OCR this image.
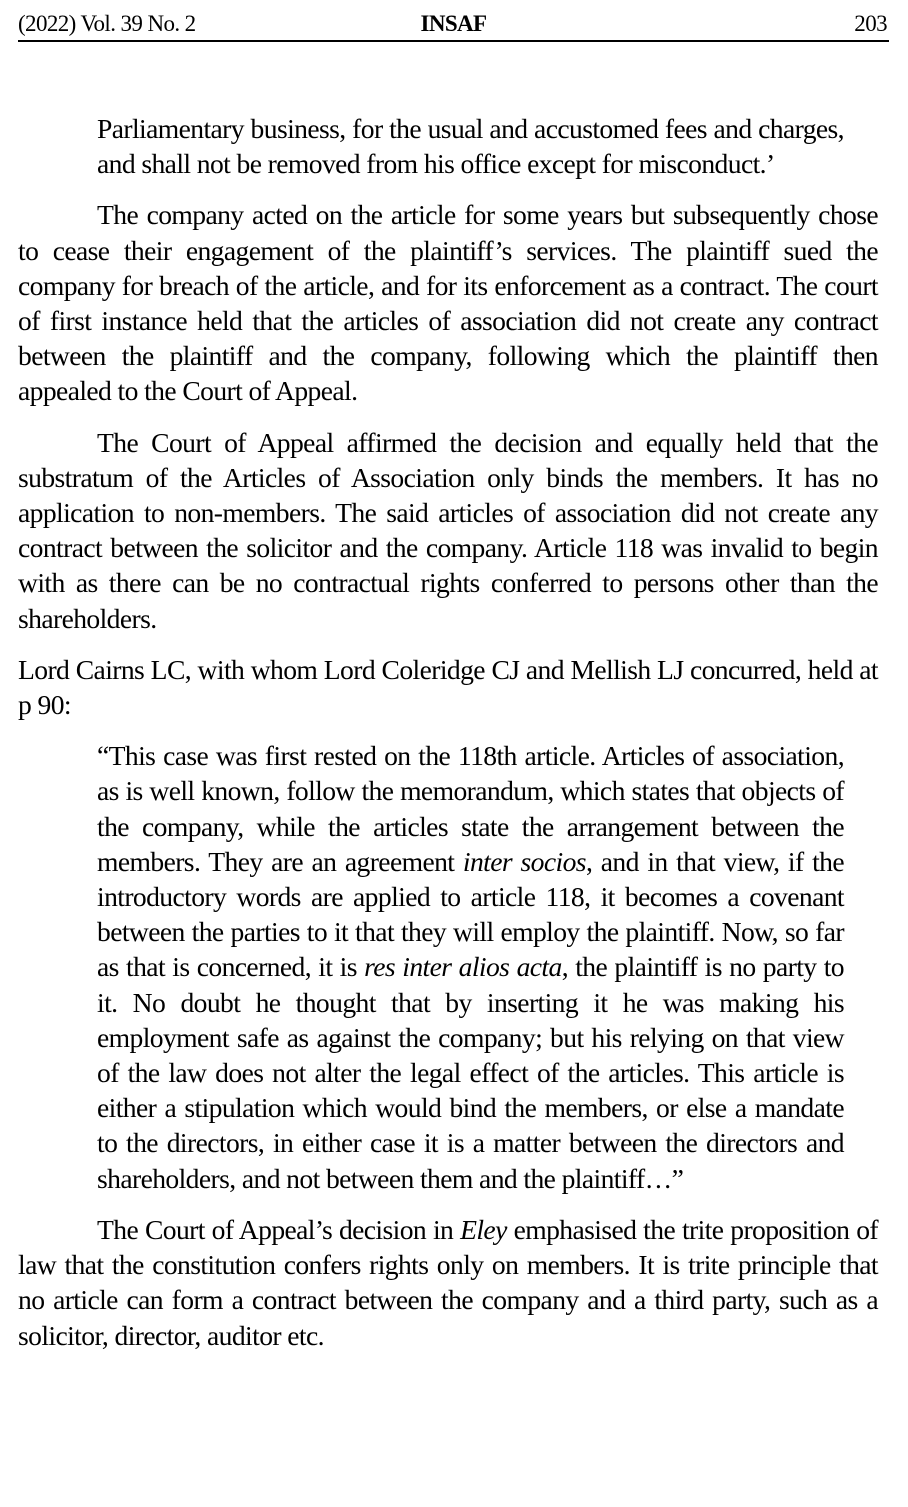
(2022) Vol. 39 No. 2	INSAF	203

Parliamentary business, for the usual and accustomed fees and charges, and shall not be removed from his office except for misconduct.’

The company acted on the article for some years but subsequently chose to cease their engagement of the plaintiff’s services. The plaintiff sued the company for breach of the article, and for its enforcement as a contract. The court of first instance held that the articles of association did not create any contract between the plaintiff and the company, following which the plaintiff then appealed to the Court of Appeal.

The Court of Appeal affirmed the decision and equally held that the substratum of the Articles of Association only binds the members. It has no application to non-members. The said articles of association did not create any contract between the solicitor and the company. Article 118 was invalid to begin with as there can be no contractual rights conferred to persons other than the shareholders.

Lord Cairns LC, with whom Lord Coleridge CJ and Mellish LJ concurred, held at p 90:

“This case was first rested on the 118th article. Articles of association, as is well known, follow the memorandum, which states that objects of the company, while the articles state the arrangement between the members. They are an agreement inter socios, and in that view, if the introductory words are applied to article 118, it becomes a covenant between the parties to it that they will employ the plaintiff. Now, so far as that is concerned, it is res inter alios acta, the plaintiff is no party to it. No doubt he thought that by inserting it he was making his employment safe as against the company; but his relying on that view of the law does not alter the legal effect of the articles. This article is either a stipulation which would bind the members, or else a mandate to the directors, in either case it is a matter between the directors and shareholders, and not between them and the plaintiff…”

The Court of Appeal’s decision in Eley emphasised the trite proposition of law that the constitution confers rights only on members. It is trite principle that no article can form a contract between the company and a third party, such as a solicitor, director, auditor etc.
